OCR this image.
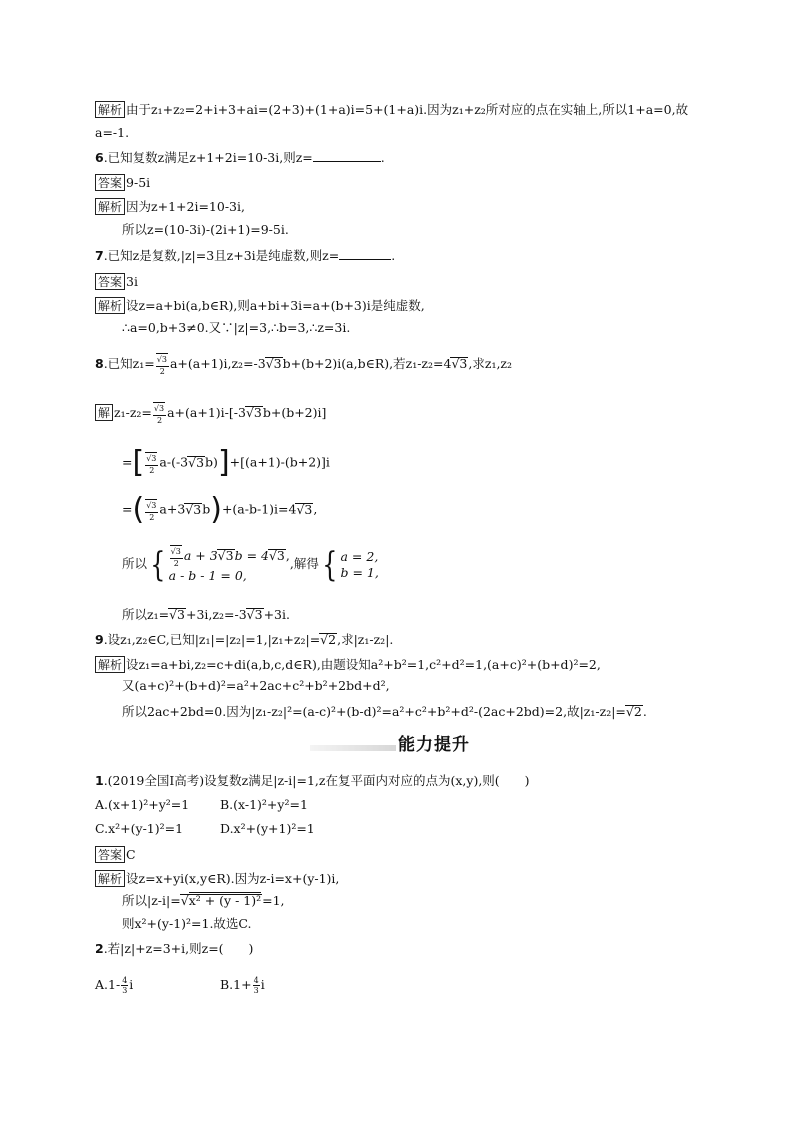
解析 由于z₁+z₂=2+i+3+ai=(2+3)+(1+a)i=5+(1+a)i.因为z₁+z₂所对应的点在实轴上,所以1+a=0,故
a=-1.
6.已知复数z满足z+1+2i=10-3i,则z=	.
答案 9-5i
解析 因为z+1+2i=10-3i,
所以z=(10-3i)-(2i+1)=9-5i.
7.已知z是复数,|z|=3且z+3i是纯虚数,则z=	.
答案 3i
解析 设z=a+bi(a,b∈R),则a+bi+3i=a+(b+3)i是纯虚数,
∴a=0,b+3≠0.又∵|z|=3,∴b=3,∴z=3i.
8.已知$z_1= \frac{√3}{2}$ a+(a+1)i,z₂=-3√3b+(b+2)i(a,b∈R),若z₁-z₂=4√3,求z₁,z₂
解 $z_1-z_2= \frac{√3}{2} a+(a+1)i-[-3√3b+(b+2)i]$
=[ $\frac{√3}{2} a-(-3√3b)]+[(a+1)-(b+2)]i$
=( $\frac{√3}{2} a+3√3b)+(a-b-1)i=4√3$,
所以{ $\frac{√3}{2}$ a + 3√3b = 4√3,
a - b - 1 = 0,
,解得{ a = 2,
b = 1,
所以z₁=√3+3i,z₂=-3√3+3i.
9.设z₁,z₂∈C,已知|z₁|=|z₂|=1,|z₁+z₂|=√2,求|z₁-z₂|.
解析 设z₁=a+bi,z₂=c+di(a,b,c,d∈R),由题设知a²+b²=1,c²+d²=1,(a+c)²+(b+d)²=2,
又(a+c)²+(b+d)²=a²+2ac+c²+b²+2bd+d²,
所以2ac+2bd=0.因为|z₁-z₂|²=(a-c)²+(b-d)²=a²+c²+b²+d²-(2ac+2bd)=2,故|z₁-z₂|=√2.
能力提升
1.(2019全国Ⅰ高考)设复数z满足|z-i|=1,z在复平面内对应的点为(x,y),则(　　)
A.(x+1)²+y²=1 B.(x-1)²+y²=1
C.x²+(y-1)²=1	D.x²+(y+1)²=1
答案 C
解析 设z=x+yi(x,y∈R).因为z-i=x+(y-1)i,
所以|z-i|=√x² + (y - 1)²=1,
则x²+(y-1)²=1.故选C.
2.若|z|+z=3+i,则z=(　　)
$A.1- \frac{4}{3}$ i	$B.1+ \frac{4}{3}$ i
